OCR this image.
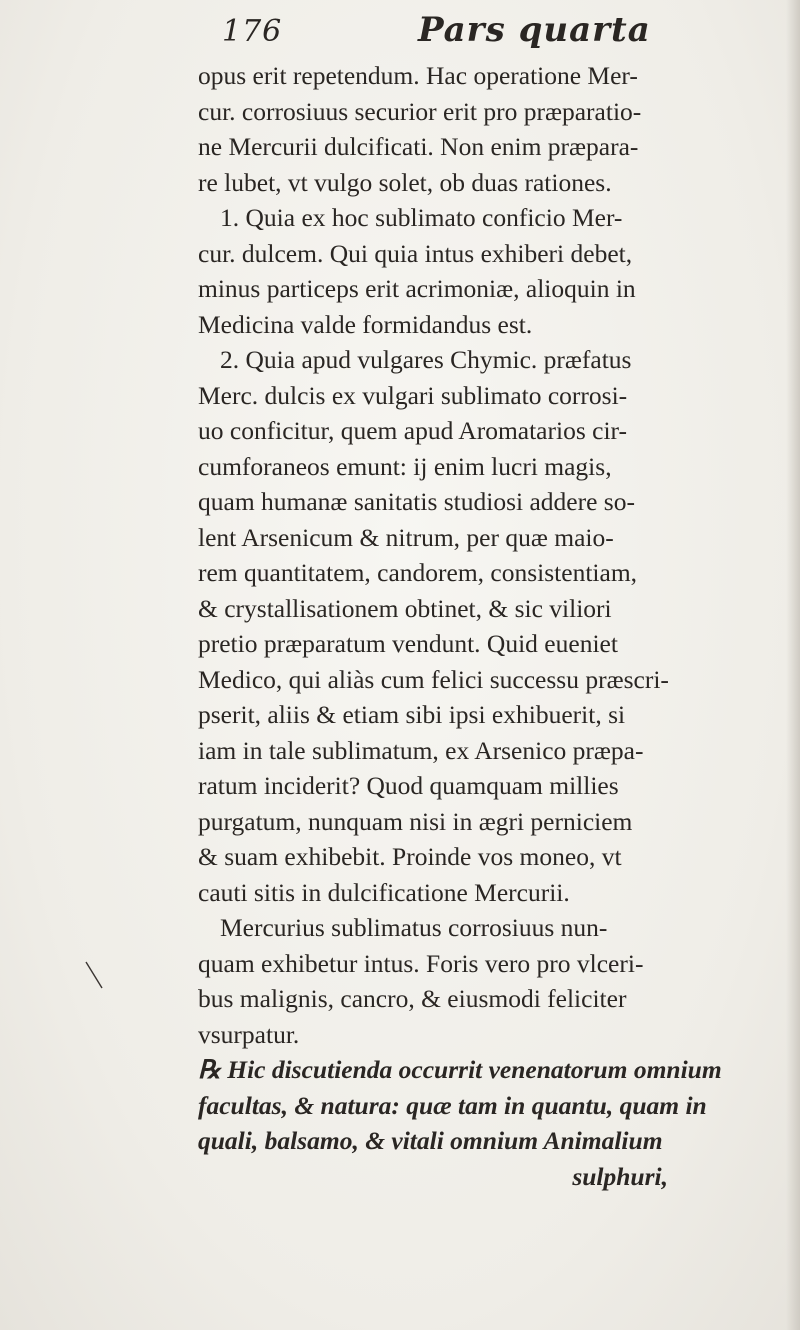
176	Pars quarta
opus erit repetendum. Hac operatione Mer-
cur. corrosiuus securior erit pro præparatio-
ne Mercurii dulcificati. Non enim præpara-
re lubet, vt vulgo solet, ob duas rationes.
1. Quia ex hoc sublimato conficio Mer-
cur. dulcem. Qui quia intus exhiberi debet,
minus particeps erit acrimoniæ, alioquin in
Medicina valde formidandus est.
2. Quia apud vulgares Chymic. præfatus
Merc. dulcis ex vulgari sublimato corrosi-
uo conficitur, quem apud Aromatarios cir-
cumforaneos emunt: ij enim lucri magis,
quam humanæ sanitatis studiosi addere so-
lent Arsenicum & nitrum, per quæ maio-
rem quantitatem, candorem, consistentiam,
& crystallisationem obtinet, & sic viliori
pretio præparatum vendunt. Quid eueniet
Medico, qui aliàs cum felici successu præscri-
pserit, aliis & etiam sibi ipsi exhibuerit, si
iam in tale sublimatum, ex Arsenico præpa-
ratum inciderit? Quod quamquam millies
purgatum, nunquam nisi in ægri perniciem
& suam exhibebit. Proinde vos moneo, vt
cauti sitis in dulcificatione Mercurii.
Mercurius sublimatus corrosiuus nun-
quam exhibetur intus. Foris vero pro vlceri-
bus malignis, cancro, & eiusmodi feliciter
vsurpatur.
℞ Hic discutienda occurrit venenatorum omnium
facultas, & natura: quæ tam in quantu, quam in
quali, balsamo, & vitali omnium Animalium
sulphuri,
